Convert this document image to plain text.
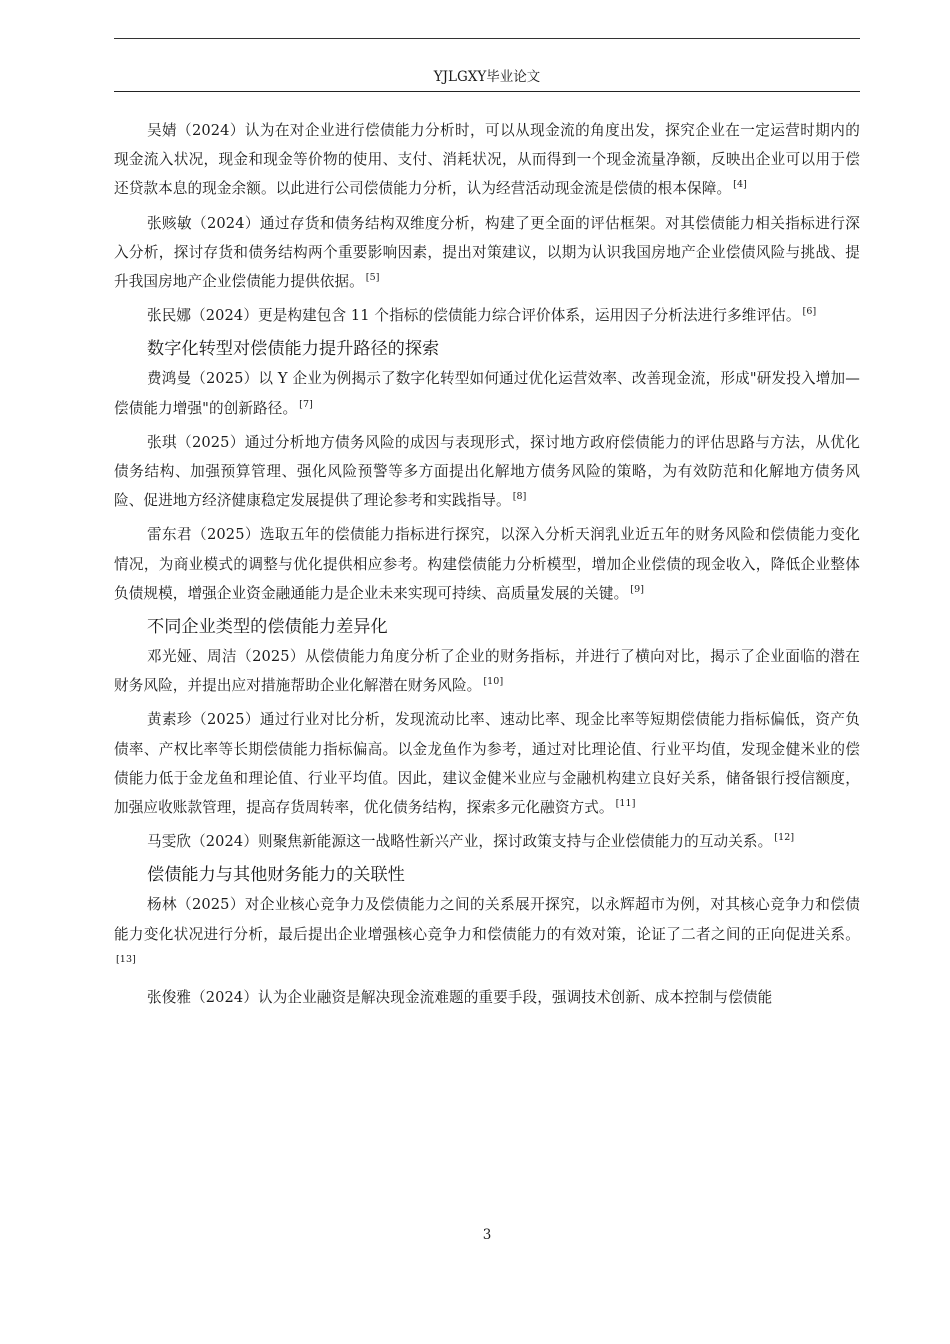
YJLGXY毕业论文

吴婧（2024）认为在对企业进行偿债能力分析时，可以从现金流的角度出发，探究企业在一定运营时期内的现金流入状况，现金和现金等价物的使用、支付、消耗状况，从而得到一个现金流量净额，反映出企业可以用于偿还贷款本息的现金余额。以此进行公司偿债能力分析，认为经营活动现金流是偿债的根本保障。 [4]

张赅敏（2024）通过存货和债务结构双维度分析，构建了更全面的评估框架。对其偿债能力相关指标进行深入分析，探讨存货和债务结构两个重要影响因素，提出对策建议，以期为认识我国房地产企业偿债风险与挑战、提升我国房地产企业偿债能力提供依据。 [5]

张民娜（2024）更是构建包含 11 个指标的偿债能力综合评价体系，运用因子分析法进行多维评估。 [6]

数字化转型对偿债能力提升路径的探索

费鸿曼（2025）以 Y 企业为例揭示了数字化转型如何通过优化运营效率、改善现金流，形成"研发投入增加—偿债能力增强"的创新路径。 [7]

张琪（2025）通过分析地方债务风险的成因与表现形式，探讨地方政府偿债能力的评估思路与方法，从优化债务结构、加强预算管理、强化风险预警等多方面提出化解地方债务风险的策略，为有效防范和化解地方债务风险、促进地方经济健康稳定发展提供了理论参考和实践指导。 [8]

雷东君（2025）选取五年的偿债能力指标进行探究，以深入分析天润乳业近五年的财务风险和偿债能力变化情况，为商业模式的调整与优化提供相应参考。构建偿债能力分析模型，增加企业偿债的现金收入，降低企业整体负债规模，增强企业资金融通能力是企业未来实现可持续、高质量发展的关键。 [9]

不同企业类型的偿债能力差异化

邓光娅、周洁（2025）从偿债能力角度分析了企业的财务指标，并进行了横向对比，揭示了企业面临的潜在财务风险，并提出应对措施帮助企业化解潜在财务风险。 [10]

黄素珍（2025）通过行业对比分析，发现流动比率、速动比率、现金比率等短期偿债能力指标偏低，资产负债率、产权比率等长期偿债能力指标偏高。以金龙鱼作为参考，通过对比理论值、行业平均值，发现金健米业的偿债能力低于金龙鱼和理论值、行业平均值。因此，建议金健米业应与金融机构建立良好关系，储备银行授信额度，加强应收账款管理，提高存货周转率，优化债务结构，探索多元化融资方式。 [11]

马雯欣（2024）则聚焦新能源这一战略性新兴产业，探讨政策支持与企业偿债能力的互动关系。 [12]

偿债能力与其他财务能力的关联性

杨林（2025）对企业核心竞争力及偿债能力之间的关系展开探究，以永辉超市为例，对其核心竞争力和偿债能力变化状况进行分析，最后提出企业增强核心竞争力和偿债能力的有效对策，论证了二者之间的正向促进关系。[13]

张俊雅（2024）认为企业融资是解决现金流难题的重要手段，强调技术创新、成本控制与偿债能

3
